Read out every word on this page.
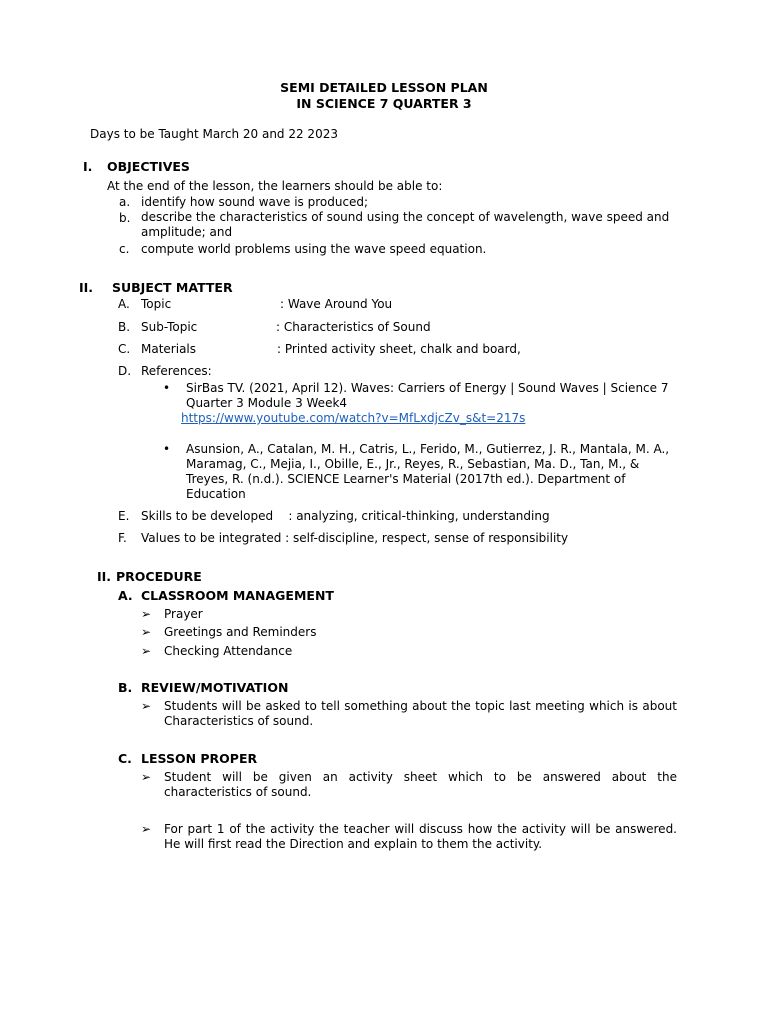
SEMI DETAILED LESSON PLAN
IN SCIENCE 7 QUARTER 3
Days to be Taught March 20 and 22 2023
I. OBJECTIVES
At the end of the lesson, the learners should be able to:
a. identify how sound wave is produced;
b. describe the characteristics of sound using the concept of wavelength, wave speed and amplitude; and
c. compute world problems using the wave speed equation.
II. SUBJECT MATTER
A. Topic	: Wave Around You
B. Sub-Topic	: Characteristics of Sound
C. Materials	: Printed activity sheet, chalk and board,
D. References:
• SirBas TV. (2021, April 12). Waves: Carriers of Energy | Sound Waves | Science 7 Quarter 3 Module 3 Week4
https://www.youtube.com/watch?v=MfLxdjcZv_s&t=217s
• Asunsion, A., Catalan, M. H., Catris, L., Ferido, M., Gutierrez, J. R., Mantala, M. A., Maramag, C., Mejia, I., Obille, E., Jr., Reyes, R., Sebastian, Ma. D., Tan, M., & Treyes, R. (n.d.). SCIENCE Learner's Material (2017th ed.). Department of Education
E. Skills to be developed    : analyzing, critical-thinking, understanding
F. Values to be integrated : self-discipline, respect, sense of responsibility
II. PROCEDURE
A. CLASSROOM MANAGEMENT
➢ Prayer
➢ Greetings and Reminders
➢ Checking Attendance
B. REVIEW/MOTIVATION
➢ Students will be asked to tell something about the topic last meeting which is about Characteristics of sound.
C. LESSON PROPER
➢ Student will be given an activity sheet which to be answered about the characteristics of sound.
➢ For part 1 of the activity the teacher will discuss how the activity will be answered. He will first read the Direction and explain to them the activity.
